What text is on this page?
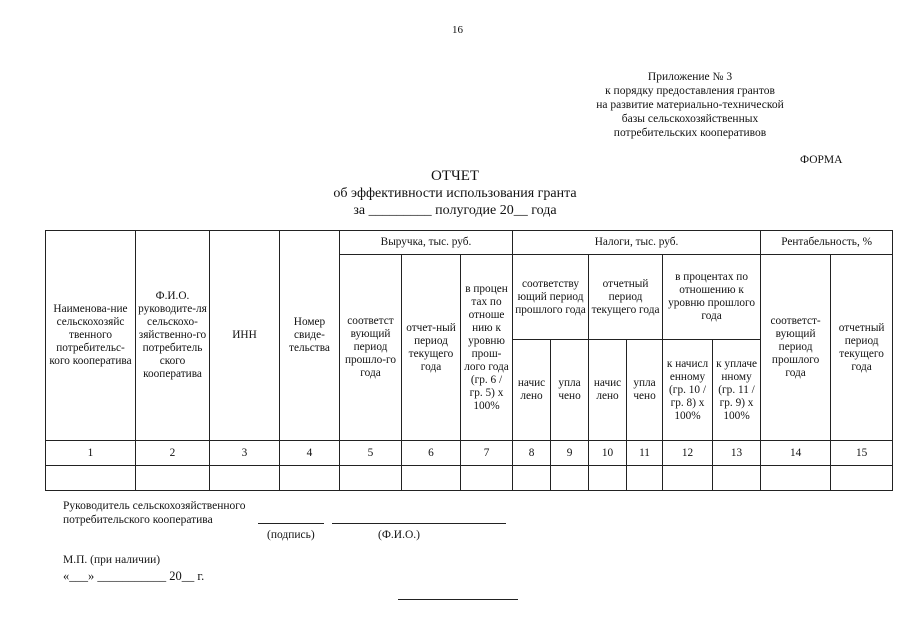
16
Приложение № 3
к порядку предоставления грантов
на развитие материально-технической
базы сельскохозяйственных
потребительских кооперативов
ФОРМА
ОТЧЕТ
об эффективности использования гранта
за _________ полугодие 20__ года
Наименова-ние сельскохозяйс твенного потребительс-кого кооператива	Ф.И.О. руководите-ля сельскохо-зяйственно-го потребитель ского кооператива	ИНН	Номер свиде-тельства	Выручка, тыс. руб.			Налоги, тыс. руб.						Рентабельность, %	
				соответст вующий период прошло-го года	отчет-ный период текущего года	в процен тах по отноше нию к уровню прош-лого года (гр. 6 / гр. 5) х 100%	соответству ющий период прошлого года		отчетный период текущего года		в процентах по отношению к уровню прошлого года		соответст-вующий период прошлого года	отчетный период текущего года
							начис лено	упла чено	начис лено	упла чено	к начисл енному (гр. 10 / гр. 8) х 100%	к уплаче нному (гр. 11 / гр. 9) х 100%		
1	2	3	4	5	6	7	8	9	10	11	12	13	14	15

Руководитель сельскохозяйственного
потребительского кооператива
(подпись)	(Ф.И.О.)
М.П. (при наличии)
«___» ___________ 20__ г.
